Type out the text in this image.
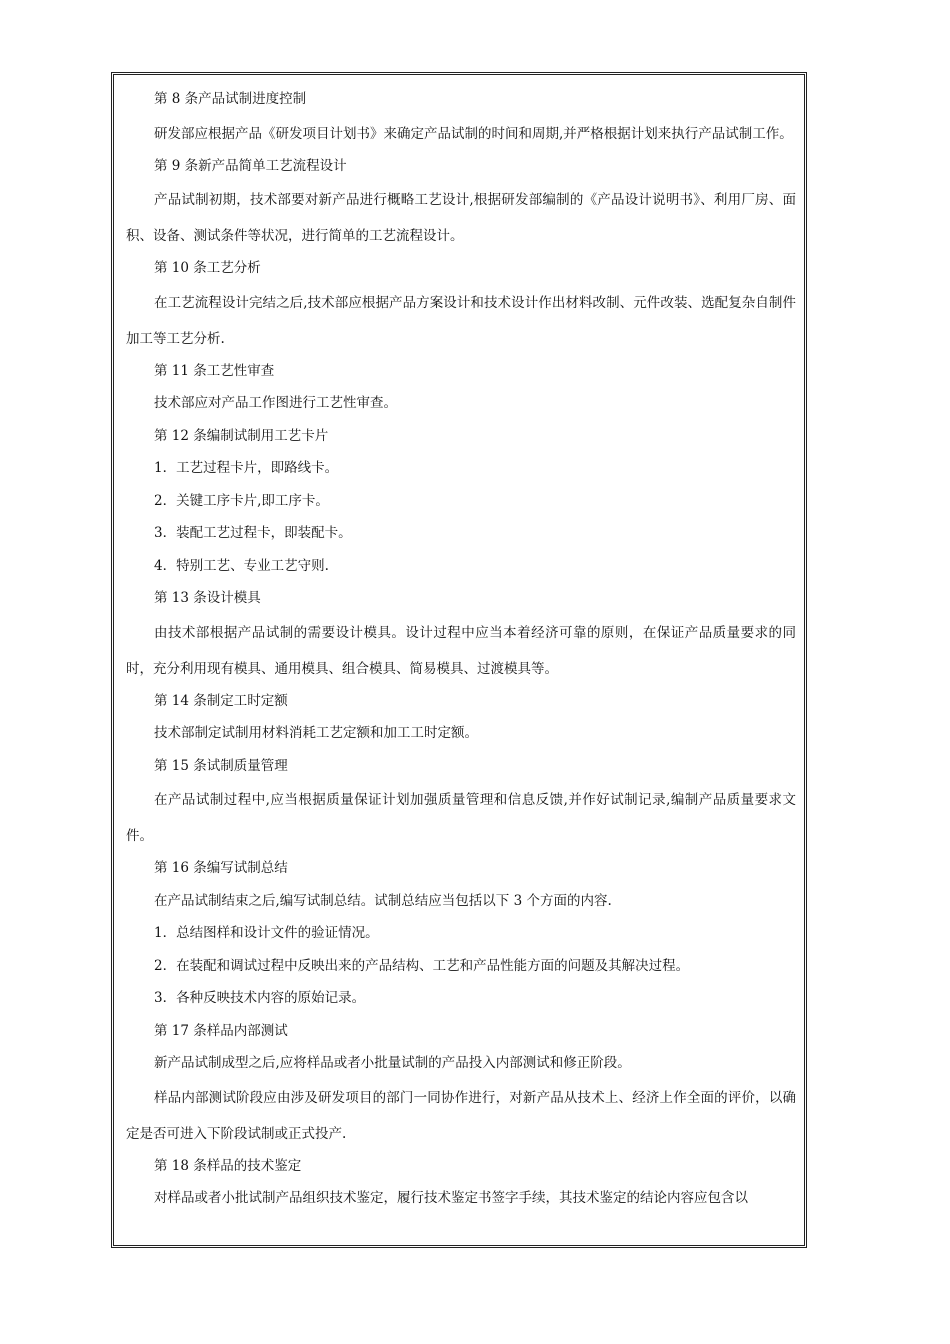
第 8 条产品试制进度控制

研发部应根据产品《研发项目计划书》来确定产品试制的时间和周期,并严格根据计划来执行产品试制工作。

第 9 条新产品简单工艺流程设计

产品试制初期，技术部要对新产品进行概略工艺设计,根据研发部编制的《产品设计说明书》、利用厂房、面积、设备、测试条件等状况，进行简单的工艺流程设计。

第 10 条工艺分析

在工艺流程设计完结之后,技术部应根据产品方案设计和技术设计作出材料改制、元件改装、选配复杂自制件加工等工艺分析.

第 11 条工艺性审查

技术部应对产品工作图进行工艺性审查。

第 12 条编制试制用工艺卡片

1．工艺过程卡片，即路线卡。

2．关键工序卡片,即工序卡。

3．装配工艺过程卡，即装配卡。

4．特别工艺、专业工艺守则.

第 13 条设计模具

由技术部根据产品试制的需要设计模具。设计过程中应当本着经济可靠的原则，在保证产品质量要求的同时，充分利用现有模具、通用模具、组合模具、简易模具、过渡模具等。

第 14 条制定工时定额

技术部制定试制用材料消耗工艺定额和加工工时定额。

第 15 条试制质量管理

在产品试制过程中,应当根据质量保证计划加强质量管理和信息反馈,并作好试制记录,编制产品质量要求文件。

第 16 条编写试制总结

在产品试制结束之后,编写试制总结。试制总结应当包括以下 3 个方面的内容.

1．总结图样和设计文件的验证情况。

2．在装配和调试过程中反映出来的产品结构、工艺和产品性能方面的问题及其解决过程。

3．各种反映技术内容的原始记录。

第 17 条样品内部测试

新产品试制成型之后,应将样品或者小批量试制的产品投入内部测试和修正阶段。

样品内部测试阶段应由涉及研发项目的部门一同协作进行，对新产品从技术上、经济上作全面的评价，以确定是否可进入下阶段试制或正式投产.

第 18 条样品的技术鉴定

对样品或者小批试制产品组织技术鉴定，履行技术鉴定书签字手续，其技术鉴定的结论内容应包含以
